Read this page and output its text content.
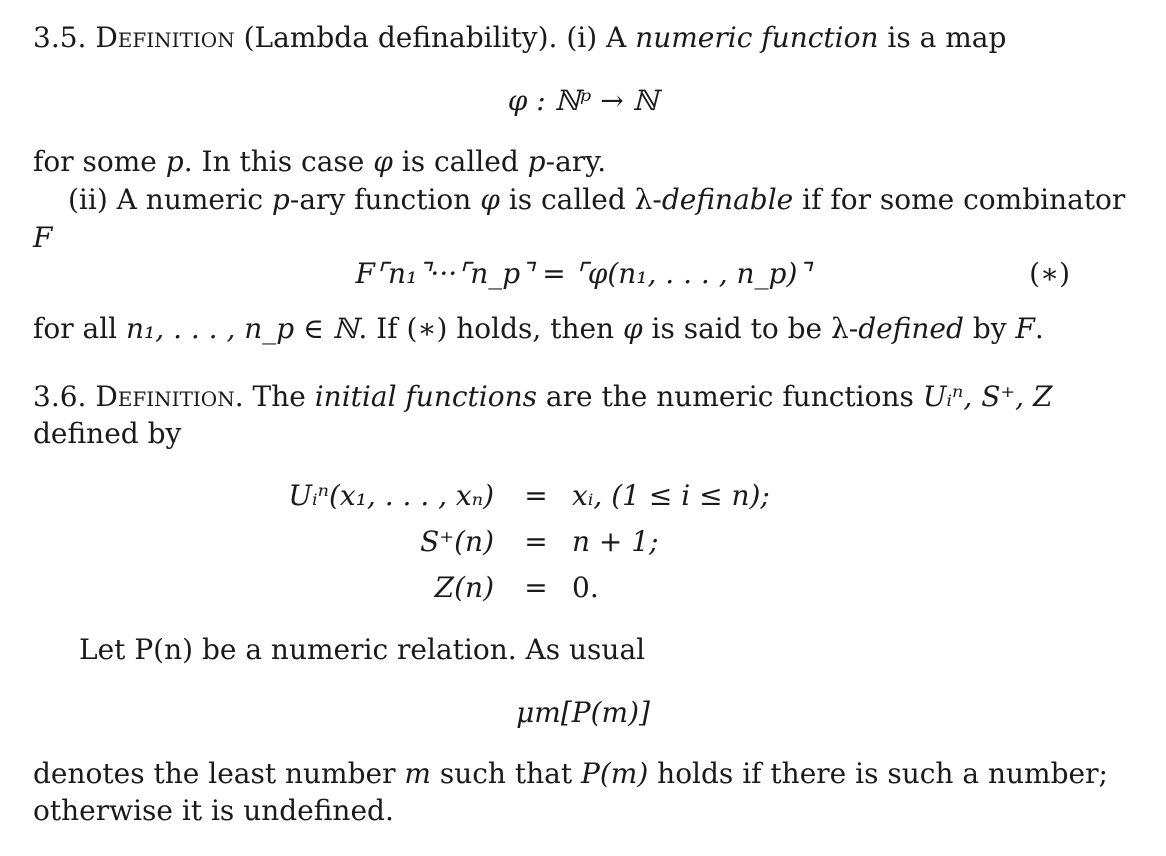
3.5. Definition (Lambda definability). (i) A numeric function is a map
φ : ℕᵖ → ℕ
for some p. In this case φ is called p-ary.
(ii) A numeric p-ary function φ is called λ-definable if for some combinator
F
F⌜n₁⌝···⌜n_p⌝ = ⌜φ(n₁, . . . , n_p)⌝	(∗)
for all n₁, . . . , n_p ∈ ℕ. If (∗) holds, then φ is said to be λ-defined by F.
3.6. Definition. The initial functions are the numeric functions Uᵢⁿ, S⁺, Z
defined by
Uᵢⁿ(x₁, . . . , xₙ) = xᵢ, (1 ≤ i ≤ n);
S⁺(n) = n + 1;
Z(n) = 0.
Let P(n) be a numeric relation. As usual
μm[P(m)]
denotes the least number m such that P(m) holds if there is such a number;
otherwise it is undefined.
